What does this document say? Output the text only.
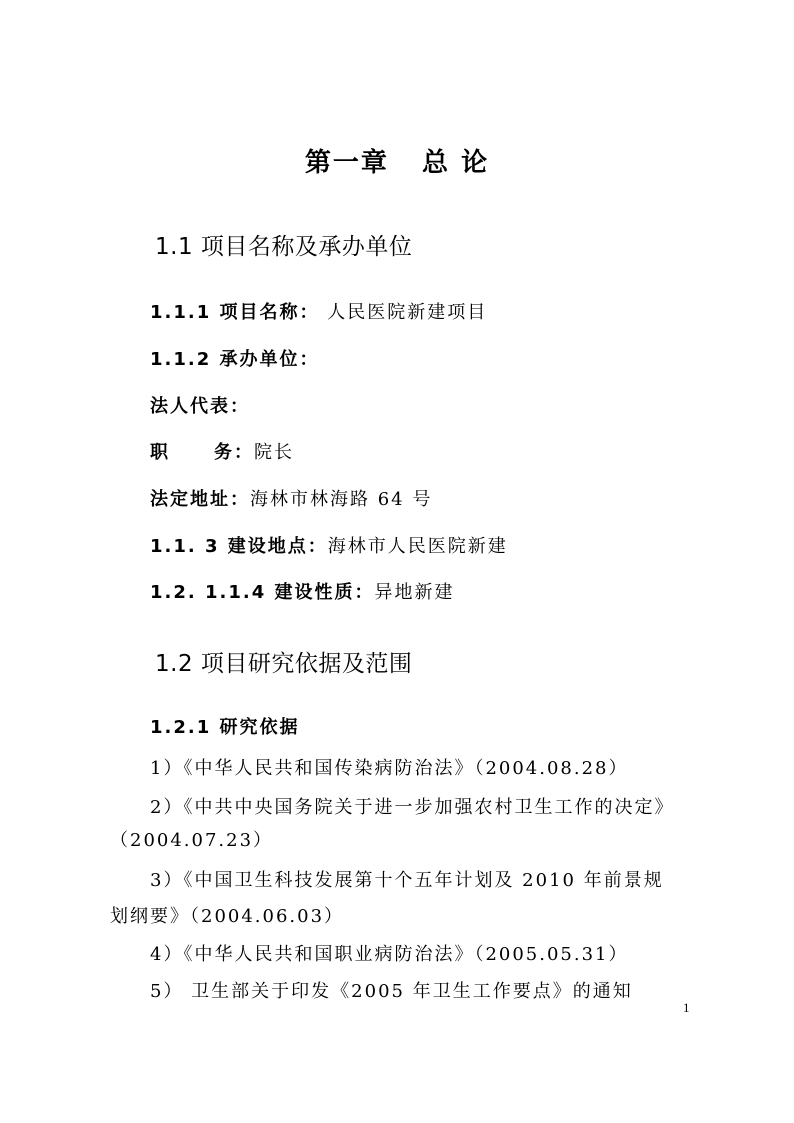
第一章   总 论
1.1 项目名称及承办单位
1.1.1 项目名称： 人民医院新建项目
1.1.2 承办单位：
法人代表：
职 务：院长
法定地址：海林市林海路 64 号
1.1. 3 建设地点：海林市人民医院新建
1.2. 1.1.4 建设性质：异地新建
1.2 项目研究依据及范围
1.2.1 研究依据
1）《中华人民共和国传染病防治法》（2004.08.28）
2）《中共中央国务院关于进一步加强农村卫生工作的决定》
（2004.07.23）
3）《中国卫生科技发展第十个五年计划及 2010 年前景规
划纲要》（2004.06.03）
4）《中华人民共和国职业病防治法》（2005.05.31）
5） 卫生部关于印发《2005 年卫生工作要点》的通知
1
